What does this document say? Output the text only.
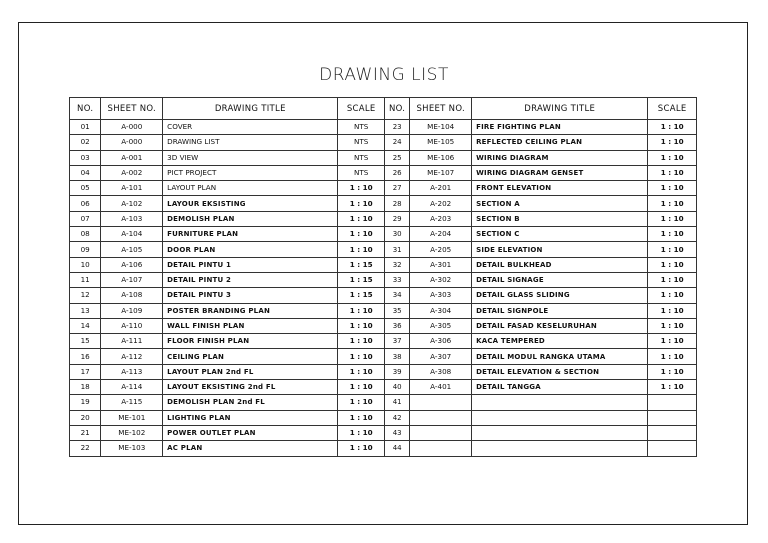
DRAWING LIST
NO.	SHEET NO.	DRAWING TITLE	SCALE	NO.	SHEET NO.	DRAWING TITLE	SCALE
01	A-000	COVER	NTS	23	ME-104	FIRE FIGHTING PLAN	1 : 10
02	A-000	DRAWING LIST	NTS	24	ME-105	REFLECTED CEILING PLAN	1 : 10
03	A-001	3D VIEW	NTS	25	ME-106	WIRING DIAGRAM	1 : 10
04	A-002	PICT PROJECT	NTS	26	ME-107	WIRING DIAGRAM GENSET	1 : 10
05	A-101	LAYOUT PLAN	1 : 10	27	A-201	FRONT ELEVATION	1 : 10
06	A-102	LAYOUR EKSISTING	1 : 10	28	A-202	SECTION A	1 : 10
07	A-103	DEMOLISH PLAN	1 : 10	29	A-203	SECTION B	1 : 10
08	A-104	FURNITURE PLAN	1 : 10	30	A-204	SECTION C	1 : 10
09	A-105	DOOR PLAN	1 : 10	31	A-205	SIDE ELEVATION	1 : 10
10	A-106	DETAIL PINTU 1	1 : 15	32	A-301	DETAIL BULKHEAD	1 : 10
11	A-107	DETAIL PINTU 2	1 : 15	33	A-302	DETAIL SIGNAGE	1 : 10
12	A-108	DETAIL PINTU 3	1 : 15	34	A-303	DETAIL GLASS SLIDING	1 : 10
13	A-109	POSTER BRANDING PLAN	1 : 10	35	A-304	DETAIL SIGNPOLE	1 : 10
14	A-110	WALL FINISH PLAN	1 : 10	36	A-305	DETAIL FASAD KESELURUHAN	1 : 10
15	A-111	FLOOR FINISH PLAN	1 : 10	37	A-306	KACA TEMPERED	1 : 10
16	A-112	CEILING PLAN	1 : 10	38	A-307	DETAIL MODUL RANGKA UTAMA	1 : 10
17	A-113	LAYOUT PLAN 2nd FL	1 : 10	39	A-308	DETAIL ELEVATION & SECTION	1 : 10
18	A-114	LAYOUT EKSISTING 2nd FL	1 : 10	40	A-401	DETAIL TANGGA	1 : 10
19	A-115	DEMOLISH PLAN 2nd FL	1 : 10	41			
20	ME-101	LIGHTING PLAN	1 : 10	42			
21	ME-102	POWER OUTLET PLAN	1 : 10	43			
22	ME-103	AC PLAN	1 : 10	44			
